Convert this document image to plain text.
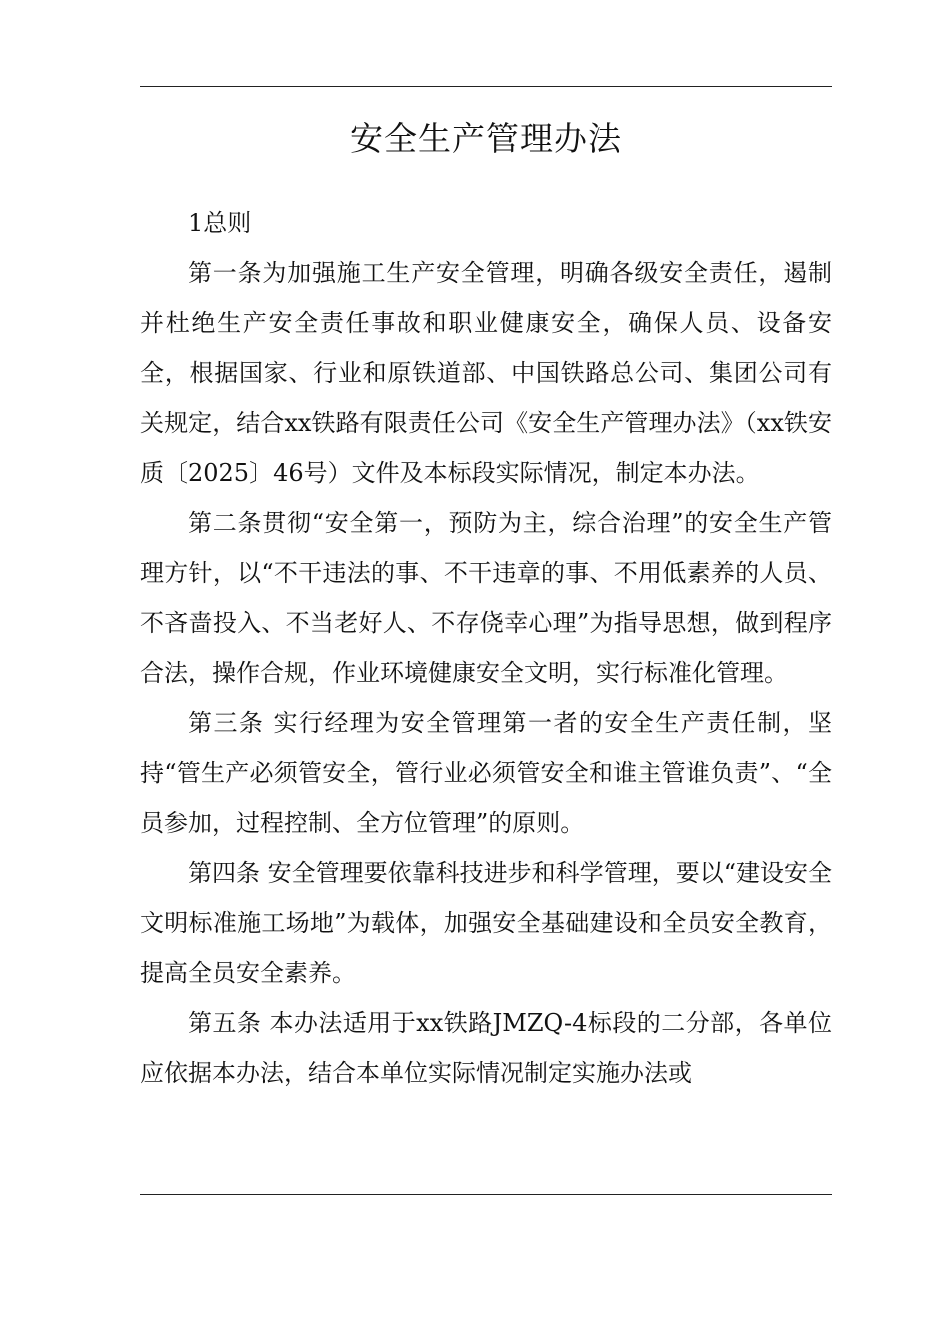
安全生产管理办法

1总则

第一条为加强施工生产安全管理，明确各级安全责任，遏制并杜绝生产安全责任事故和职业健康安全，确保人员、设备安全，根据国家、行业和原铁道部、中国铁路总公司、集团公司有关规定，结合xx铁路有限责任公司《安全生产管理办法》（xx铁安质〔2025〕46号）文件及本标段实际情况，制定本办法。

第二条贯彻“安全第一，预防为主，综合治理”的安全生产管理方针，以“不干违法的事、不干违章的事、不用低素养的人员、不吝啬投入、不当老好人、不存侥幸心理”为指导思想，做到程序合法，操作合规，作业环境健康安全文明，实行标准化管理。

第三条 实行经理为安全管理第一者的安全生产责任制，坚持“管生产必须管安全，管行业必须管安全和谁主管谁负责”、“全员参加，过程控制、全方位管理”的原则。

第四条 安全管理要依靠科技进步和科学管理，要以“建设安全文明标准施工场地”为载体，加强安全基础建设和全员安全教育，提高全员安全素养。

第五条 本办法适用于xx铁路JMZQ-4标段的二分部，各单位应依据本办法，结合本单位实际情况制定实施办法或
